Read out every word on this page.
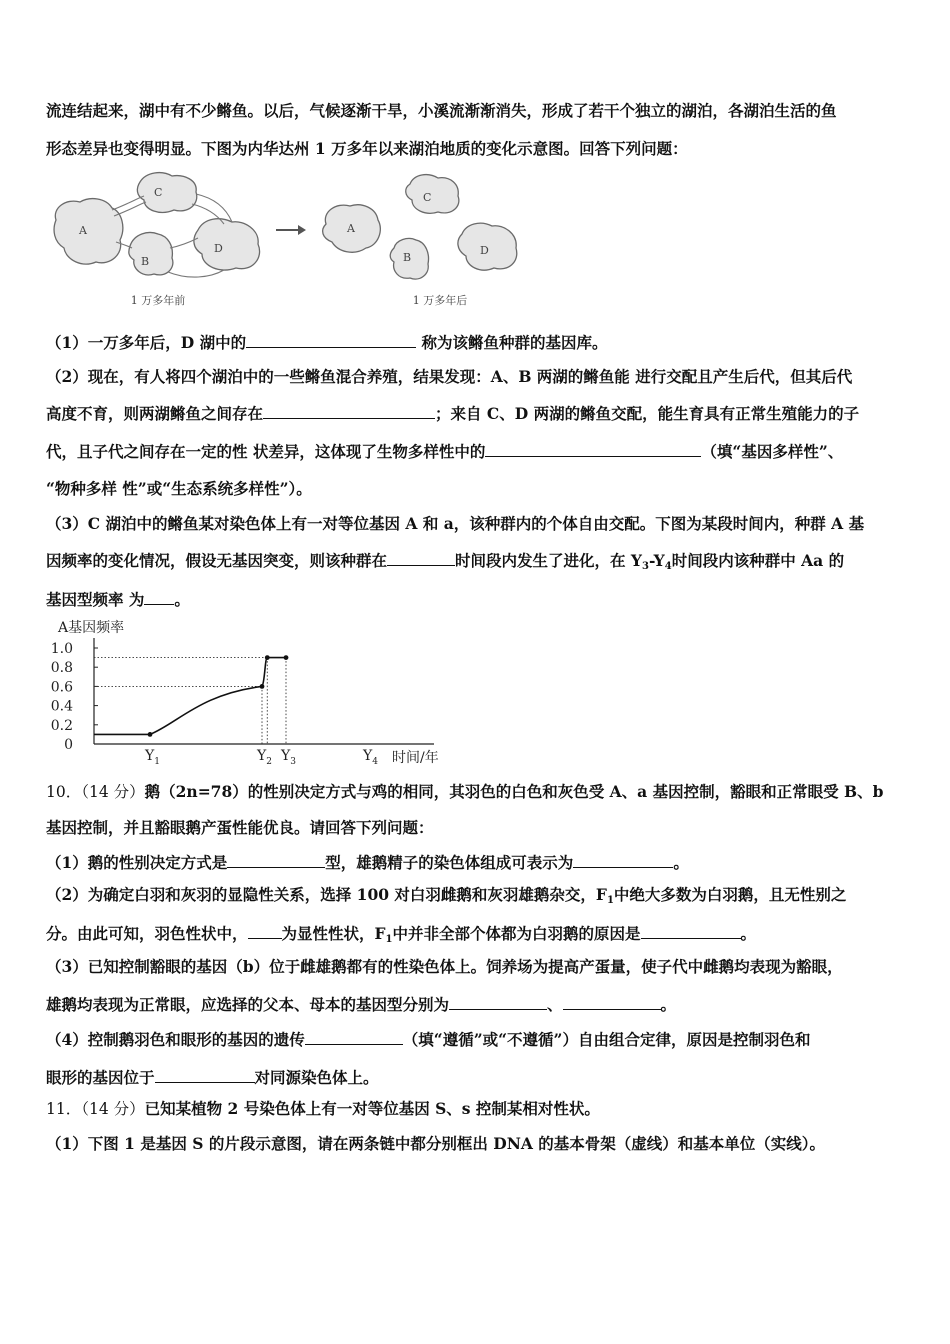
流连结起来，湖中有不少鳉鱼。以后，气候逐渐干旱，小溪流渐渐消失，形成了若干个独立的湖泊，各湖泊生活的鱼
形态差异也变得明显。下图为内华达州 1 万多年以来湖泊地质的变化示意图。回答下列问题：
A
B
C
D
1 万多年前
A
B
C
D
1 万多年后
（1）一万多年后，D 湖中的	称为该鳉鱼种群的基因库。
（2）现在，有人将四个湖泊中的一些鳉鱼混合养殖，结果发现：A、B 两湖的鳉鱼能 进行交配且产生后代，但其后代
高度不育，则两湖鳉鱼之间存在	；来自 C、D 两湖的鳉鱼交配，能生育具有正常生殖能力的子
代，且子代之间存在一定的性 状差异，这体现了生物多样性中的	（填“基因多样性”、
“物种多样 性”或“生态系统多样性”）。
（3）C 湖泊中的鳉鱼某对染色体上有一对等位基因 A 和 a，该种群内的个体自由交配。下图为某段时间内，种群 A 基
因频率的变化情况，假设无基因突变，则该种群在	时间段内发生了进化，在 $Y_3-Y_4$时间段内该种群中 Aa 的
基因型频率 为 。
A基因频率
0
0.2
0.4
0.6
0.8
1.0
$Y_1$	$Y_2$ $Y_3$	$Y_4$ 时间/年
10．（14 分）鹅（2n=78）的性别决定方式与鸡的相同，其羽色的白色和灰色受 A、a 基因控制，豁眼和正常眼受 B、b
基因控制，并且豁眼鹅产蛋性能优良。请回答下列问题：
（1）鹅的性别决定方式是	型，雄鹅精子的染色体组成可表示为	。
（2）为确定白羽和灰羽的显隐性关系，选择 100 对白羽雌鹅和灰羽雄鹅杂交，$F_1$中绝大多数为白羽鹅，且无性别之
分。由此可知，羽色性状中， 为显性性状，$F_1$中并非全部个体都为白羽鹅的原因是	。
（3）已知控制豁眼的基因（b）位于雌雄鹅都有的性染色体上。饲养场为提高产蛋量，使子代中雌鹅均表现为豁眼，
雄鹅均表现为正常眼，应选择的父本、母本的基因型分别为	、	。
（4）控制鹅羽色和眼形的基因的遗传	（填“遵循”或“不遵循”）自由组合定律，原因是控制羽色和
眼形的基因位于	对同源染色体上。
11．（14 分）已知某植物 2 号染色体上有一对等位基因 S、s 控制某相对性状。
（1）下图 1 是基因 S 的片段示意图，请在两条链中都分别框出 DNA 的基本骨架（虚线）和基本单位（实线）。
